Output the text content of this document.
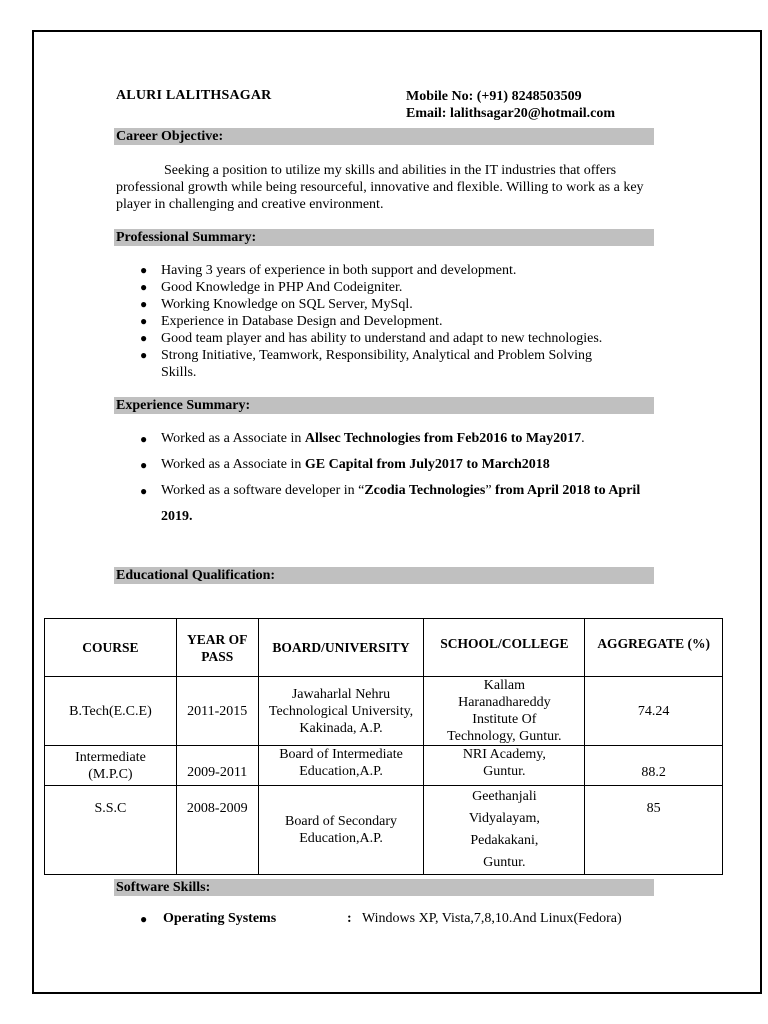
ALURI LALITHSAGAR	Mobile No: (+91) 8248503509
Email: lalithsagar20@hotmail.com
Career Objective:

Seeking a position to utilize my skills and abilities in the IT industries that offers professional growth while being resourceful, innovative and flexible. Willing to work as a key player in challenging and creative environment.

Professional Summary:
● Having 3 years of experience in both support and development.
● Good Knowledge in PHP And Codeigniter.
● Working Knowledge on SQL Server, MySql.
● Experience in Database Design and Development.
● Good team player and has ability to understand and adapt to new technologies.
● Strong Initiative, Teamwork, Responsibility, Analytical and Problem Solving Skills.
Experience Summary:
● Worked as a Associate in Allsec Technologies from Feb2016 to May2017.
● Worked as a Associate in GE Capital from July2017 to March2018
● Worked as a software developer in “Zcodia Technologies” from April 2018 to April 2019.
Educational Qualification:
COURSE	YEAR OF PASS	BOARD/UNIVERSITY	SCHOOL/COLLEGE	AGGREGATE (%)
B.Tech(E.C.E)	2011-2015	Jawaharlal Nehru Technological University, Kakinada, A.P.	Kallam Haranadhareddy Institute Of Technology, Guntur.	74.24
Intermediate (M.P.C)	2009-2011	Board of Intermediate Education,A.P.	NRI Academy, Guntur.	88.2
S.S.C	2008-2009	Board of Secondary Education,A.P.	Geethanjali Vidyalayam, Pedakakani, Guntur.	85
Software Skills:
● Operating Systems	: Windows XP, Vista,7,8,10.And Linux(Fedora)
